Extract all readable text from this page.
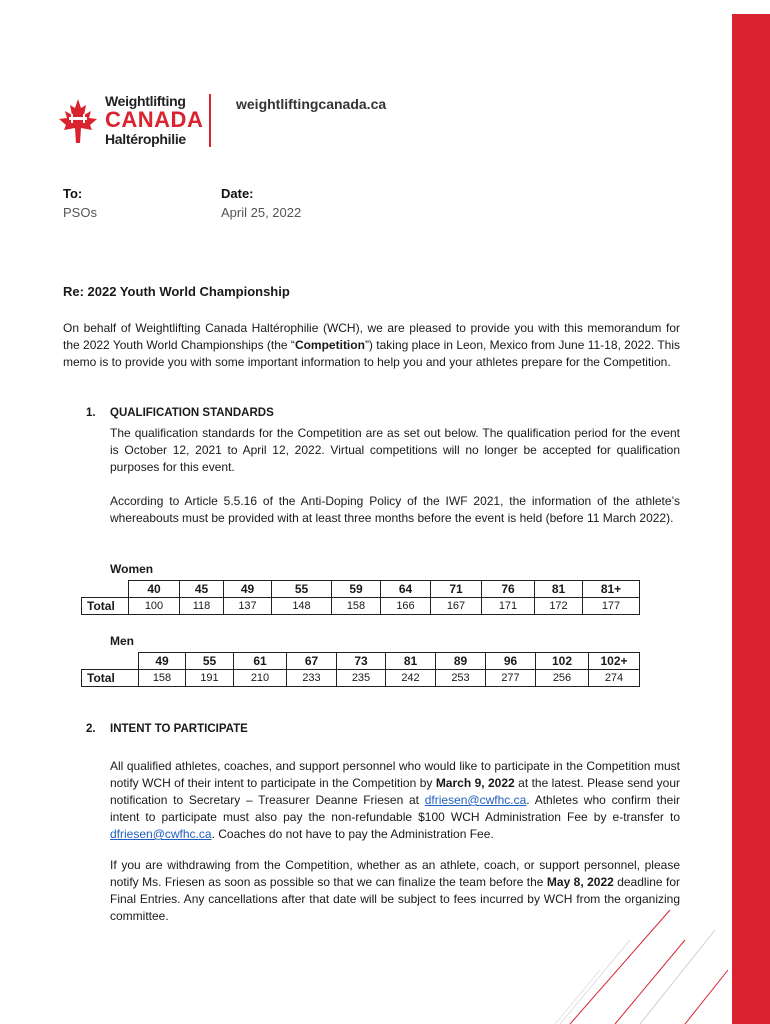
Weightlifting
CANADA
Haltérophilie
weightliftingcanada.ca
To:
PSOs
Date:
April 25, 2022
Re: 2022 Youth World Championship

On behalf of Weightlifting Canada Haltérophilie (WCH), we are pleased to provide you with this memorandum for the 2022 Youth World Championships (the “Competition”) taking place in Leon, Mexico from June 11-18, 2022. This memo is to provide you with some important information to help you and your athletes prepare for the Competition.

1. QUALIFICATION STANDARDS

The qualification standards for the Competition are as set out below. The qualification period for the event is October 12, 2021 to April 12, 2022. Virtual competitions will no longer be accepted for qualification purposes for this event.

According to Article 5.5.16 of the Anti-Doping Policy of the IWF 2021, the information of the athlete’s whereabouts must be provided with at least three months before the event is held (before 11 March 2022).

Women
	40	45	49	55	59	64	71	76	81	81+
Total	100	118	137	148	158	166	167	171	172	177
Men
	49	55	61	67	73	81	89	96	102	102+
Total	158	191	210	233	235	242	253	277	256	274
2. INTENT TO PARTICIPATE

All qualified athletes, coaches, and support personnel who would like to participate in the Competition must notify WCH of their intent to participate in the Competition by March 9, 2022 at the latest. Please send your notification to Secretary – Treasurer Deanne Friesen at dfriesen@cwfhc.ca. Athletes who confirm their intent to participate must also pay the non-refundable $100 WCH Administration Fee by e-transfer to dfriesen@cwfhc.ca. Coaches do not have to pay the Administration Fee.

If you are withdrawing from the Competition, whether as an athlete, coach, or support personnel, please notify Ms. Friesen as soon as possible so that we can finalize the team before the May 8, 2022 deadline for Final Entries. Any cancellations after that date will be subject to fees incurred by WCH from the organizing committee.
